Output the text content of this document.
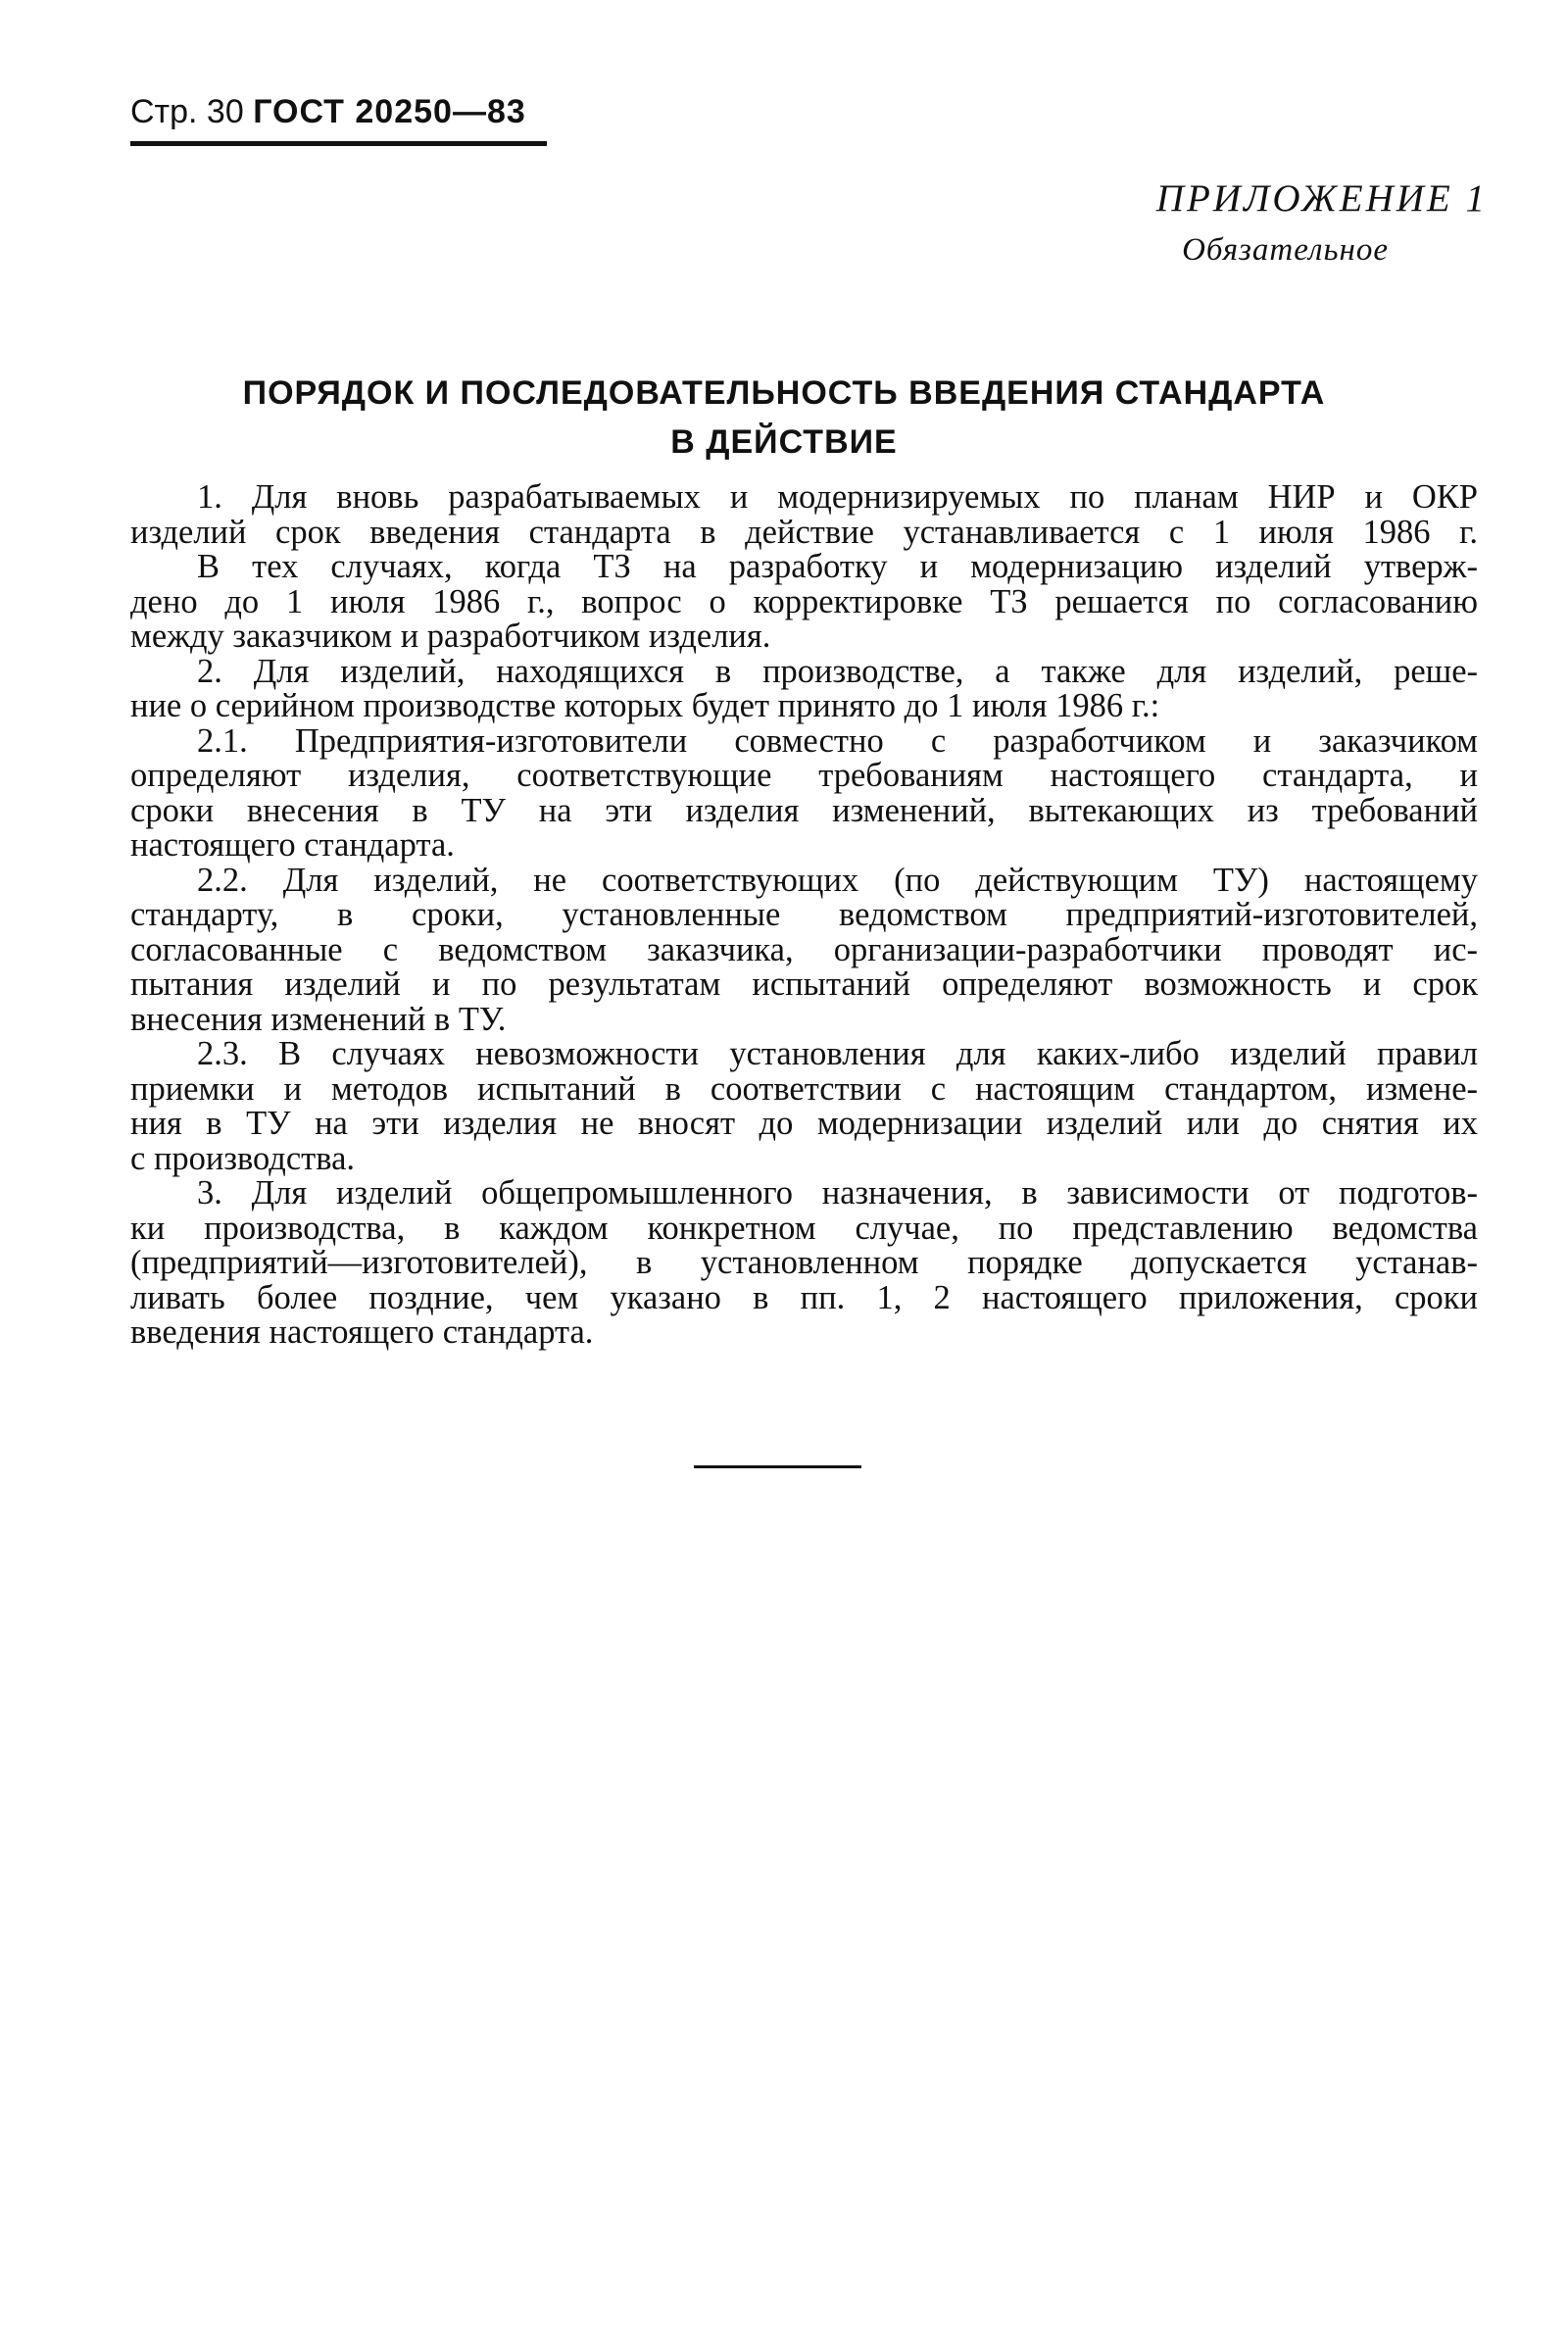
Стр. 30 ГОСТ 20250—83
ПРИЛОЖЕНИЕ 1
Обязательное
ПОРЯДОК И ПОСЛЕДОВАТЕЛЬНОСТЬ ВВЕДЕНИЯ СТАНДАРТА
В ДЕЙСТВИЕ
1. Для вновь разрабатываемых и модернизируемых по планам НИР и ОКР
изделий срок введения стандарта в действие устанавливается с 1 июля 1986 г.
В тех случаях, когда ТЗ на разработку и модернизацию изделий утверж-
дено до 1 июля 1986 г., вопрос о корректировке ТЗ решается по согласованию
между заказчиком и разработчиком изделия.
2. Для изделий, находящихся в производстве, а также для изделий, реше-
ние о серийном производстве которых будет принято до 1 июля 1986 г.:
2.1. Предприятия-изготовители совместно с разработчиком и заказчиком
определяют изделия, соответствующие требованиям настоящего стандарта, и
сроки внесения в ТУ на эти изделия изменений, вытекающих из требований
настоящего стандарта.
2.2. Для изделий, не соответствующих (по действующим ТУ) настоящему
стандарту, в сроки, установленные ведомством предприятий-изготовителей,
согласованные с ведомством заказчика, организации-разработчики проводят ис-
пытания изделий и по результатам испытаний определяют возможность и срок
внесения изменений в ТУ.
2.3. В случаях невозможности установления для каких-либо изделий правил
приемки и методов испытаний в соответствии с настоящим стандартом, измене-
ния в ТУ на эти изделия не вносят до модернизации изделий или до снятия их
с производства.
3. Для изделий общепромышленного назначения, в зависимости от подготов-
ки производства, в каждом конкретном случае, по представлению ведомства
(предприятий—изготовителей), в установленном порядке допускается устанав-
ливать более поздние, чем указано в пп. 1, 2 настоящего приложения, сроки
введения настоящего стандарта.
